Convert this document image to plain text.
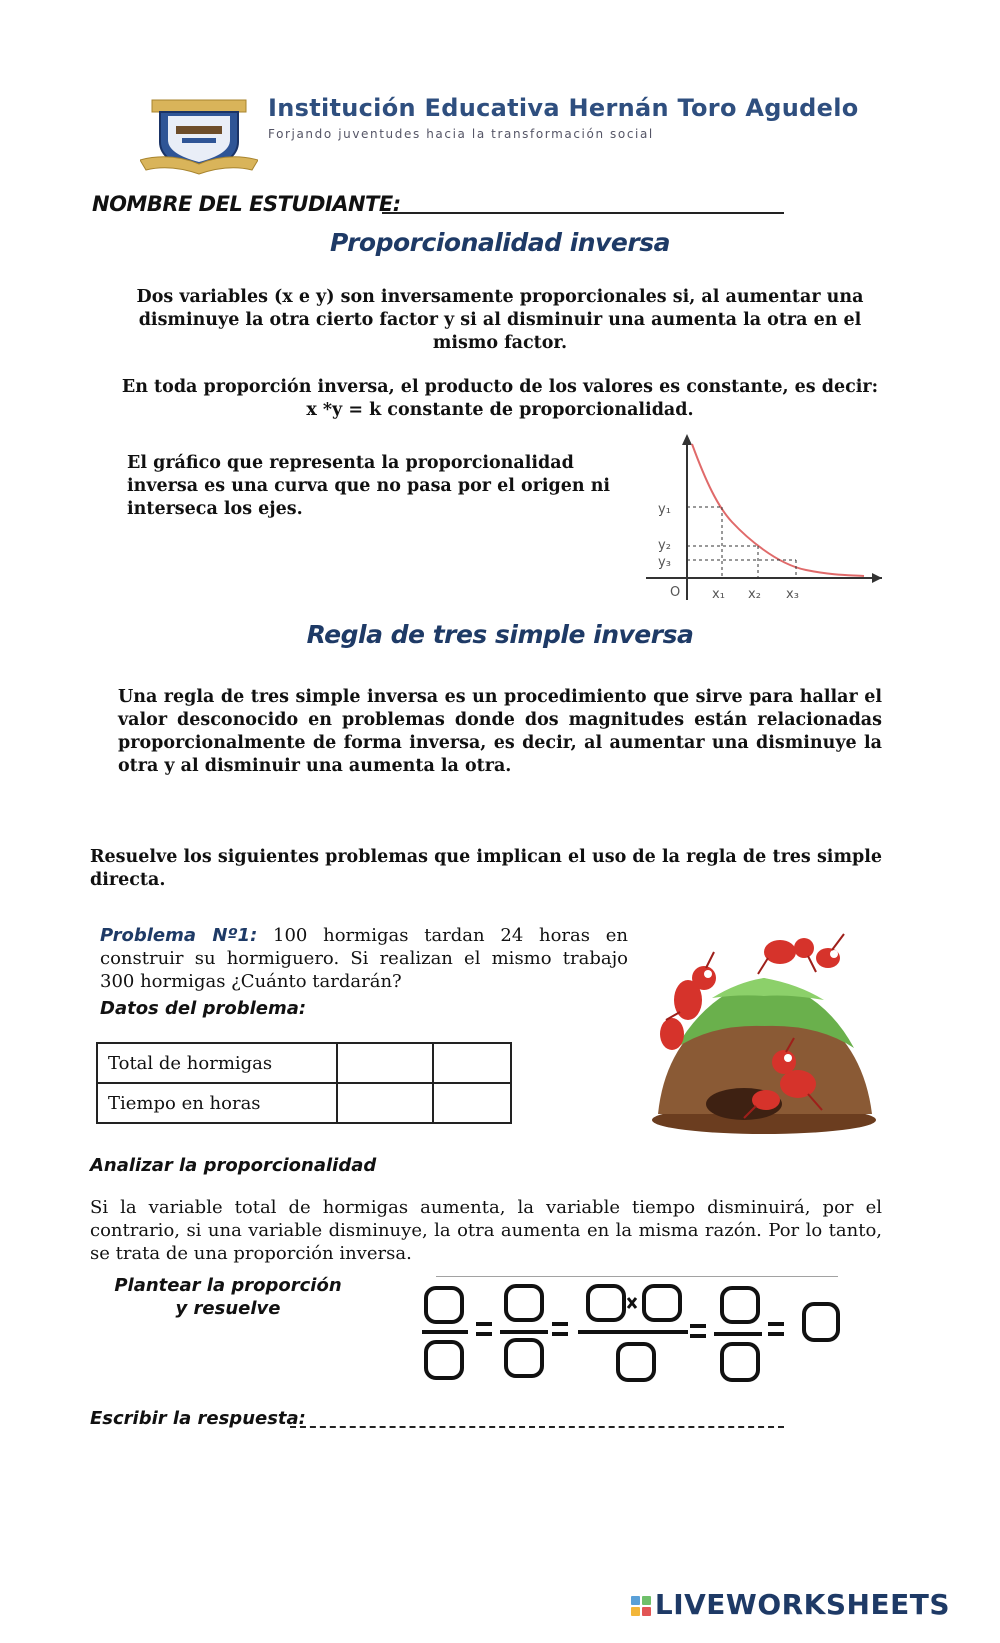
Institución Educativa Hernán Toro Agudelo
Forjando juventudes hacia la transformación social
NOMBRE DEL ESTUDIANTE:
Proporcionalidad inversa
Dos variables (x e y) son inversamente proporcionales si, al aumentar una disminuye la otra cierto factor y si al disminuir una aumenta la otra en el mismo factor.
En toda proporción inversa, el producto de los valores es constante, es decir: x *y = k constante de proporcionalidad.
El gráfico que representa la proporcionalidad inversa es una curva que no pasa por el origen ni interseca los ejes.	y₁
y₂
y₃
O x₁ x₂ x₃
Regla de tres simple inversa
Una regla de tres simple inversa es un procedimiento que sirve para hallar el valor desconocido en problemas donde dos magnitudes están relacionadas proporcionalmente de forma inversa, es decir, al aumentar una disminuye la otra y al disminuir una aumenta la otra.
Resuelve los siguientes problemas que implican el uso de la regla de tres simple directa.
Problema Nº1: 100 hormigas tardan 24 horas en construir su hormiguero. Si realizan el mismo trabajo 300 hormigas ¿Cuánto tardarán?
Datos del problema:
Total de hormigas		
Tiempo en horas		
Analizar la proporcionalidad
Si la variable total de hormigas aumenta, la variable tiempo disminuirá, por el contrario, si una variable disminuye, la otra aumenta en la misma razón. Por lo tanto, se trata de una proporción inversa.
Plantear la proporción y resuelve
Escribir la respuesta:
LIVEWORKSHEETS
